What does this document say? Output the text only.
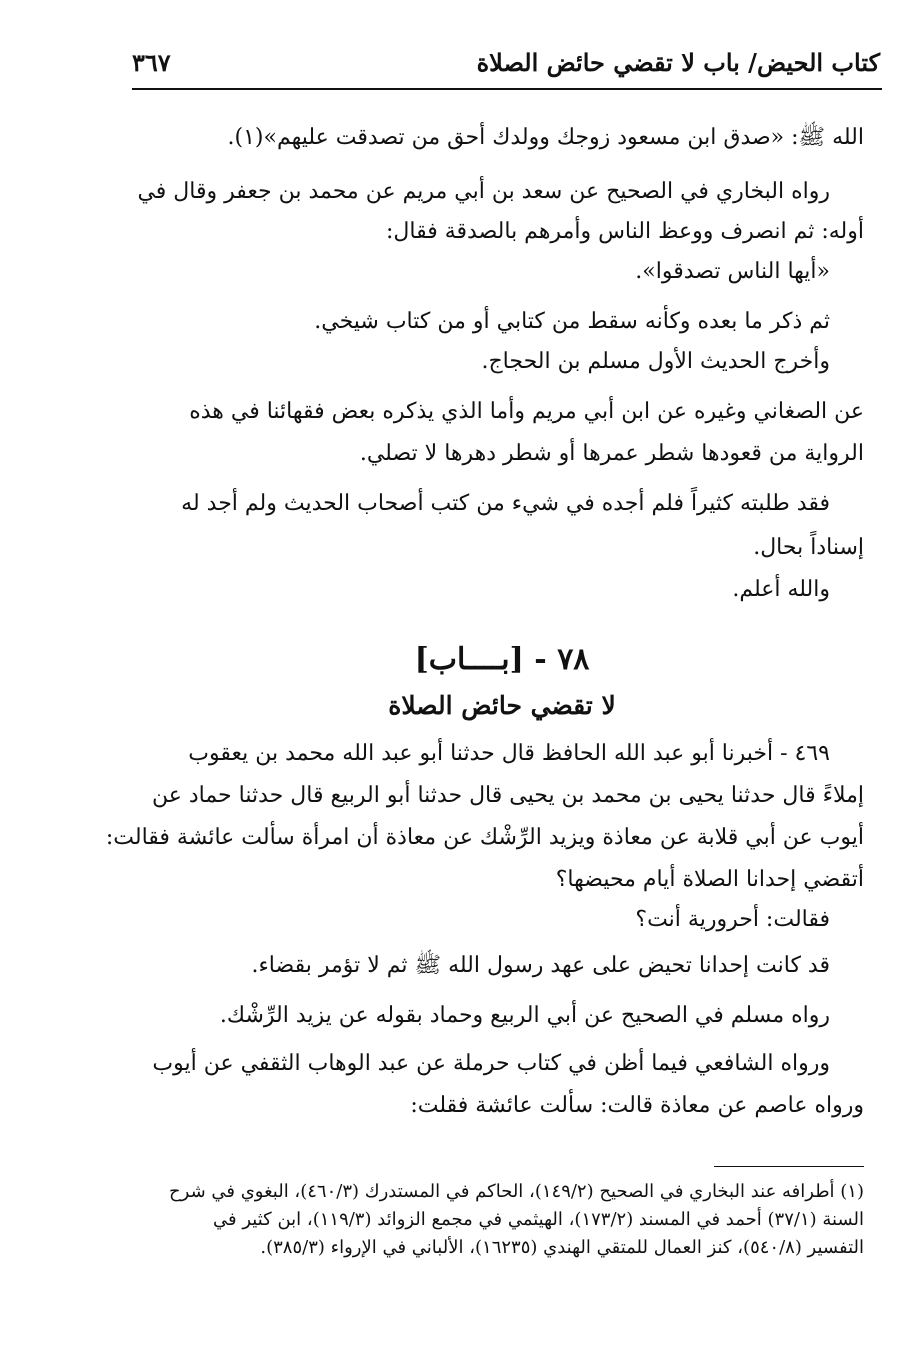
كتاب الحيض/ باب لا تقضي حائض الصلاة
٣٦٧
الله ﷺ: «صدق ابن مسعود زوجك وولدك أحق من تصدقت عليهم»(١).
رواه البخاري في الصحيح عن سعد بن أبي مريم عن محمد بن جعفر وقال في
أوله: ثم انصرف ووعظ الناس وأمرهم بالصدقة فقال:
«أيها الناس تصدقوا».
ثم ذكر ما بعده وكأنه سقط من كتابي أو من كتاب شيخي.
وأخرج الحديث الأول مسلم بن الحجاج.
عن الصغاني وغيره عن ابن أبي مريم وأما الذي يذكره بعض فقهائنا في هذه
الرواية من قعودها شطر عمرها أو شطر دهرها لا تصلي.
فقد طلبته كثيراً فلم أجده في شيء من كتب أصحاب الحديث ولم أجد له
إسناداً بحال.
والله أعلم.
٧٨ - [بــــاب]
لا تقضي حائض الصلاة
٤٦٩ - أخبرنا أبو عبد الله الحافظ قال حدثنا أبو عبد الله محمد بن يعقوب
إملاءً قال حدثنا يحيى بن محمد بن يحيى قال حدثنا أبو الربيع قال حدثنا حماد عن
أيوب عن أبي قلابة عن معاذة ويزيد الرِّشْك عن معاذة أن امرأة سألت عائشة فقالت:
أتقضي إحدانا الصلاة أيام محيضها؟
فقالت: أحرورية أنت؟
قد كانت إحدانا تحيض على عهد رسول الله ﷺ ثم لا تؤمر بقضاء.
رواه مسلم في الصحيح عن أبي الربيع وحماد بقوله عن يزيد الرِّشْك.
ورواه الشافعي فيما أظن في كتاب حرملة عن عبد الوهاب الثقفي عن أيوب
ورواه عاصم عن معاذة قالت: سألت عائشة فقلت:
(١) أطرافه عند البخاري في الصحيح (١٤٩/٢)، الحاكم في المستدرك (٤٦٠/٣)، البغوي في شرح
السنة (٣٧/١) أحمد في المسند (١٧٣/٢)، الهيثمي في مجمع الزوائد (١١٩/٣)، ابن كثير في
التفسير (٥٤٠/٨)، كنز العمال للمتقي الهندي (١٦٢٣٥)، الألباني في الإرواء (٣٨٥/٣).
